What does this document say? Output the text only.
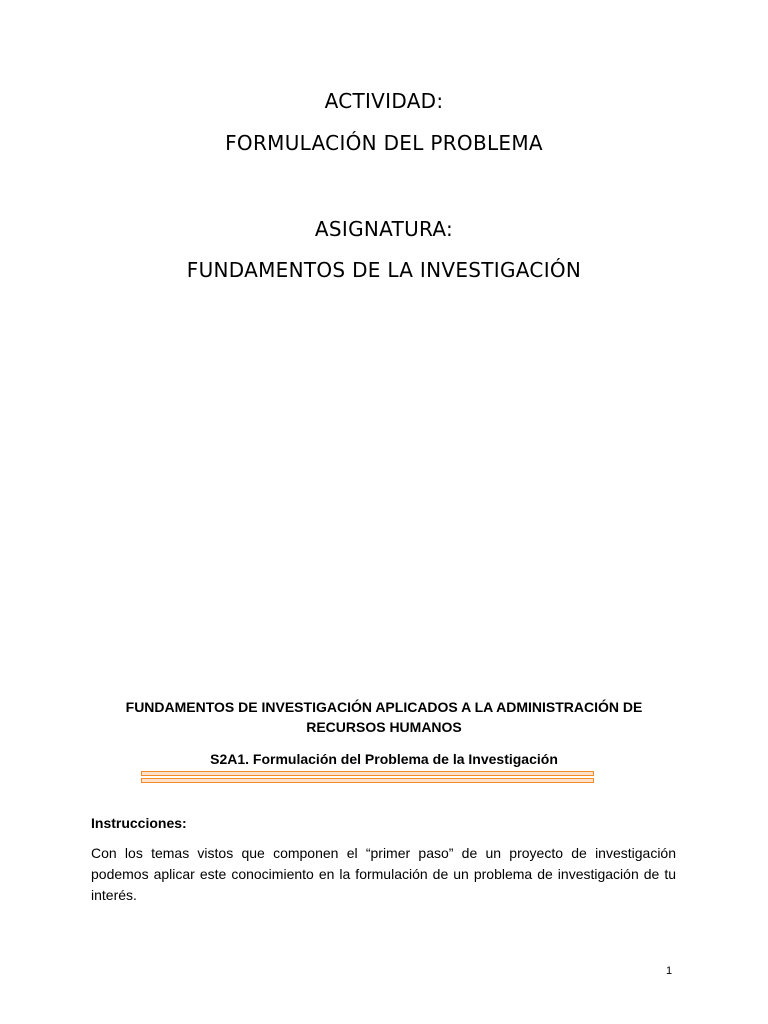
ACTIVIDAD:
FORMULACIÓN DEL PROBLEMA
ASIGNATURA:
FUNDAMENTOS DE LA INVESTIGACIÓN
FUNDAMENTOS DE INVESTIGACIÓN APLICADOS A LA ADMINISTRACIÓN DE RECURSOS HUMANOS
S2A1. Formulación del Problema de la Investigación
Instrucciones:
Con los temas vistos que componen el “primer paso” de un proyecto de investigación podemos aplicar este conocimiento en la formulación de un problema de investigación de tu interés.
1
